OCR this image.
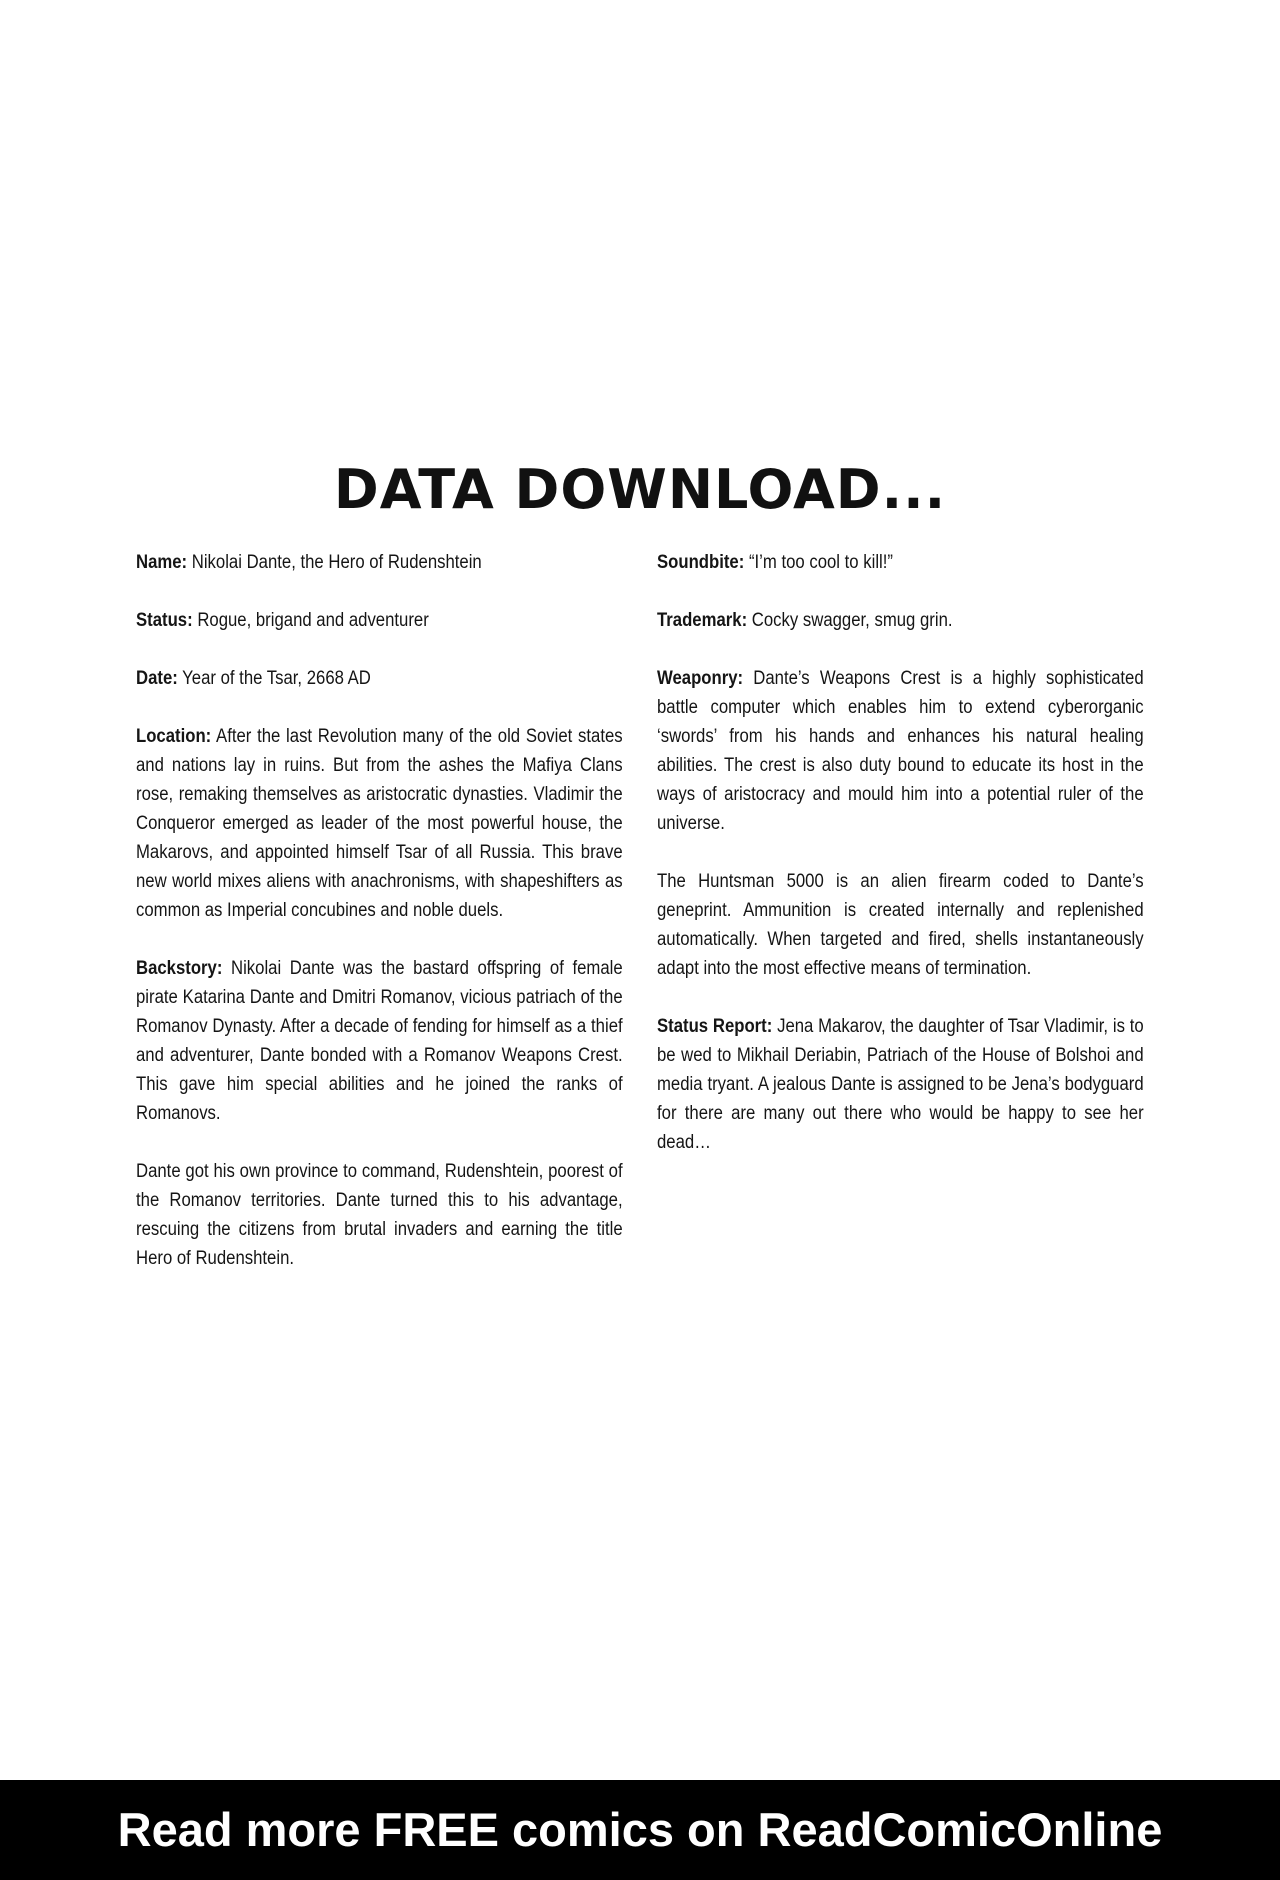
DATA DOWNLOAD...

Name: Nikolai Dante, the Hero of Rudenshtein

Status: Rogue, brigand and adventurer

Date: Year of the Tsar, 2668 AD

Location: After the last Revolution many of the old Soviet states and nations lay in ruins. But from the ashes the Mafiya Clans rose, remaking themselves as aristocratic dynasties. Vladimir the Conqueror emerged as leader of the most powerful house, the Makarovs, and appointed himself Tsar of all Russia. This brave new world mixes aliens with anachronisms, with shapeshifters as common as Imperial concubines and noble duels.

Backstory: Nikolai Dante was the bastard offspring of female pirate Katarina Dante and Dmitri Romanov, vicious patriach of the Romanov Dynasty. After a decade of fending for himself as a thief and adventurer, Dante bonded with a Romanov Weapons Crest. This gave him special abilities and he joined the ranks of Romanovs.

Dante got his own province to command, Rudenshtein, poorest of the Romanov territories. Dante turned this to his advantage, rescuing the citizens from brutal invaders and earning the title Hero of Rudenshtein.

Soundbite: “I’m too cool to kill!”

Trademark: Cocky swagger, smug grin.

Weaponry: Dante’s Weapons Crest is a highly sophisticated battle computer which enables him to extend cyberorganic ‘swords’ from his hands and enhances his natural healing abilities. The crest is also duty bound to educate its host in the ways of aristocracy and mould him into a potential ruler of the universe.

The Huntsman 5000 is an alien firearm coded to Dante’s geneprint. Ammunition is created internally and replenished automatically. When targeted and fired, shells instantaneously adapt into the most effective means of termination.

Status Report: Jena Makarov, the daughter of Tsar Vladimir, is to be wed to Mikhail Deriabin, Patriach of the House of Bolshoi and media tryant. A jealous Dante is assigned to be Jena’s bodyguard for there are many out there who would be happy to see her dead…

Read more FREE comics on ReadComicOnline
